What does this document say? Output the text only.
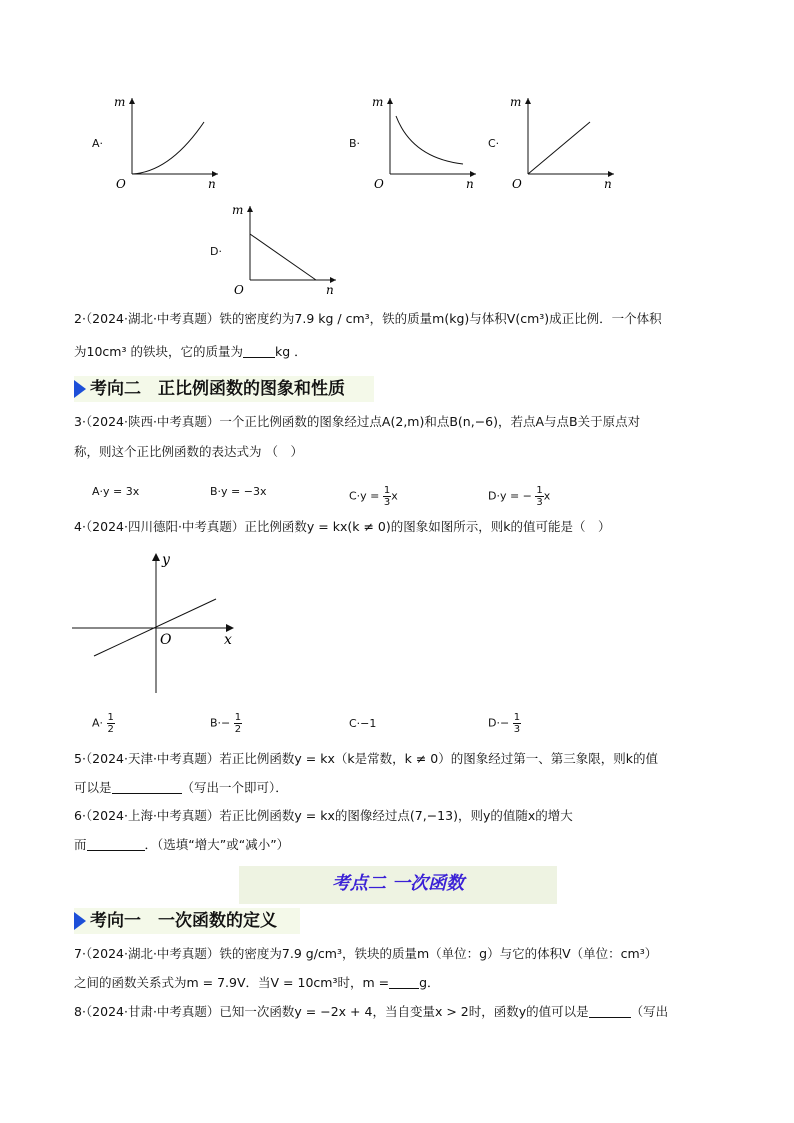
A·
m
n
O
B·
m
n
O
C·
m
n
O
D·
m
n
O
2·（2024·湖北·中考真题）铁的密度约为7.9 kg / cm³，铁的质量m(kg)与体积V(cm³)成正比例．一个体积
为10cm³ 的铁块，它的质量为	kg ．
考向二　正比例函数的图象和性质
3·（2024·陕西·中考真题）一个正比例函数的图象经过点A(2,m)和点B(n,−6)，若点A与点B关于原点对
称，则这个正比例函数的表达式为 （　）
A·y = 3x	B·y = −3x	$C\cdot y = \frac{1}{3}$ x	D·y = − $\frac{1}{3}$ x
4·（2024·四川德阳·中考真题）正比例函数y = kx(k ≠ 0)的图象如图所示，则k的值可能是（　）
y
x
O
$A\cdot \frac{1}{2}$	$B\cdot- \frac{1}{2}$	C·−1	$D\cdot- \frac{1}{3}$
5·（2024·天津·中考真题）若正比例函数y = kx（k是常数，k ≠ 0）的图象经过第一、第三象限，则k的值
可以是	（写出一个即可）．
6·（2024·上海·中考真题）若正比例函数y = kx的图像经过点(7,−13)，则y的值随x的增大
而	．（选填“增大”或“减小”）
考点二 一次函数
考向一　一次函数的定义
7·（2024·湖北·中考真题）铁的密度为7.9 g/cm³，铁块的质量m（单位：g）与它的体积V（单位：cm³）
之间的函数关系式为m = 7.9V．当V = 10cm³时，m = g．
8·（2024·甘肃·中考真题）已知一次函数y = −2x + 4，当自变量x > 2时，函数y的值可以是	（写出
